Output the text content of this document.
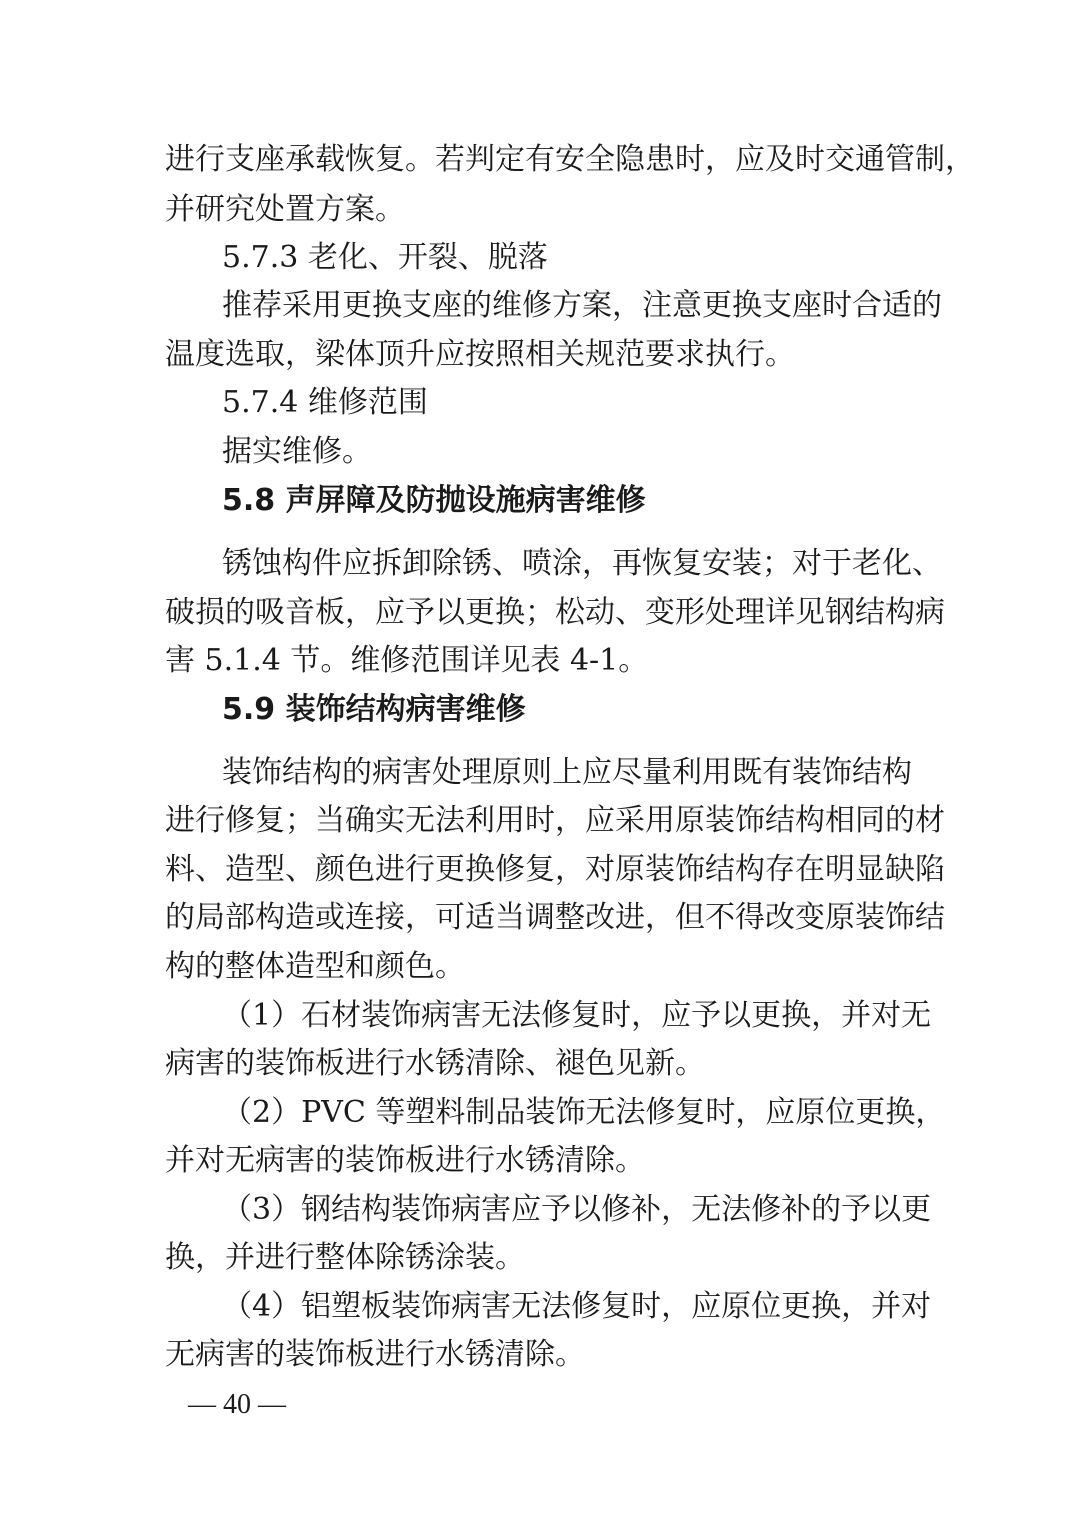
进行支座承载恢复。若判定有安全隐患时，应及时交通管制，
并研究处置方案。
5.7.3 老化、开裂、脱落
推荐采用更换支座的维修方案，注意更换支座时合适的
温度选取，梁体顶升应按照相关规范要求执行。
5.7.4 维修范围
据实维修。
5.8 声屏障及防抛设施病害维修
锈蚀构件应拆卸除锈、喷涂，再恢复安装；对于老化、
破损的吸音板，应予以更换；松动、变形处理详见钢结构病
害 5.1.4 节。维修范围详见表 4-1。
5.9 装饰结构病害维修
装饰结构的病害处理原则上应尽量利用既有装饰结构
进行修复；当确实无法利用时，应采用原装饰结构相同的材
料、造型、颜色进行更换修复，对原装饰结构存在明显缺陷
的局部构造或连接，可适当调整改进，但不得改变原装饰结
构的整体造型和颜色。
（1）石材装饰病害无法修复时，应予以更换，并对无
病害的装饰板进行水锈清除、褪色见新。
（2）PVC 等塑料制品装饰无法修复时，应原位更换，
并对无病害的装饰板进行水锈清除。
（3）钢结构装饰病害应予以修补，无法修补的予以更
换，并进行整体除锈涂装。
（4）铝塑板装饰病害无法修复时，应原位更换，并对
无病害的装饰板进行水锈清除。
— 40 —
